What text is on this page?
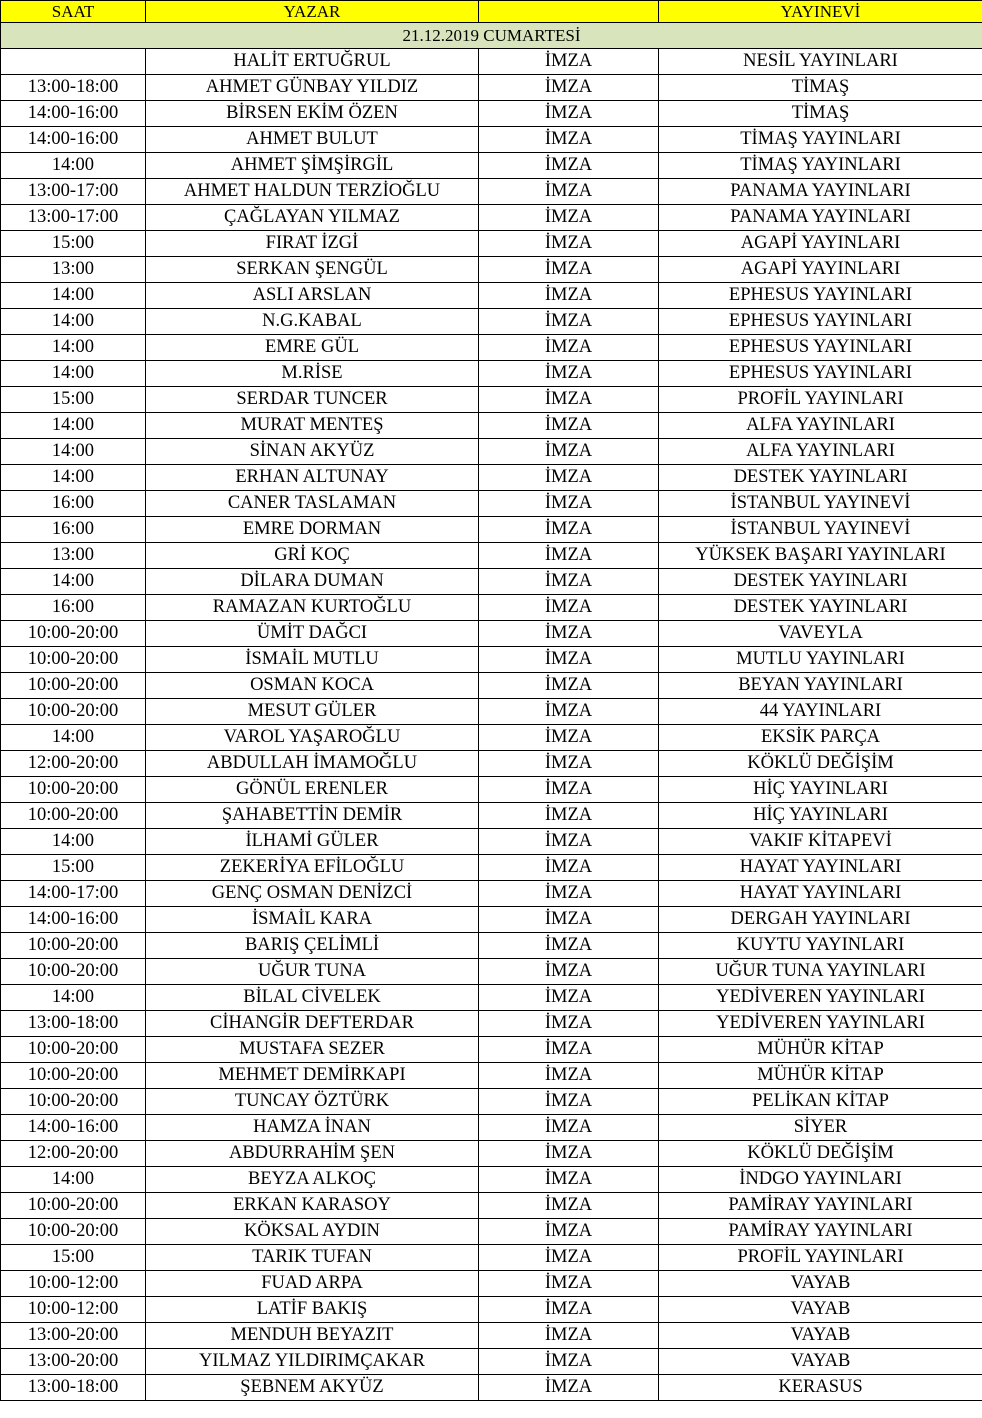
SAAT	YAZAR		YAYINEVİ
21.12.2019 CUMARTESİ			
	HALİT ERTUĞRUL	İMZA	NESİL YAYINLARI
13:00-18:00	AHMET GÜNBAY YILDIZ	İMZA	TİMAŞ
14:00-16:00	BİRSEN EKİM ÖZEN	İMZA	TİMAŞ
14:00-16:00	AHMET BULUT	İMZA	TİMAŞ YAYINLARI
14:00	AHMET ŞİMŞİRGİL	İMZA	TİMAŞ YAYINLARI
13:00-17:00	AHMET HALDUN TERZİOĞLU	İMZA	PANAMA YAYINLARI
13:00-17:00	ÇAĞLAYAN YILMAZ	İMZA	PANAMA YAYINLARI
15:00	FIRAT İZGİ	İMZA	AGAPİ YAYINLARI
13:00	SERKAN ŞENGÜL	İMZA	AGAPİ YAYINLARI
14:00	ASLI ARSLAN	İMZA	EPHESUS YAYINLARI
14:00	N.G.KABAL	İMZA	EPHESUS YAYINLARI
14:00	EMRE GÜL	İMZA	EPHESUS YAYINLARI
14:00	M.RİSE	İMZA	EPHESUS YAYINLARI
15:00	SERDAR TUNCER	İMZA	PROFİL YAYINLARI
14:00	MURAT MENTEŞ	İMZA	ALFA YAYINLARI
14:00	SİNAN AKYÜZ	İMZA	ALFA YAYINLARI
14:00	ERHAN ALTUNAY	İMZA	DESTEK YAYINLARI
16:00	CANER TASLAMAN	İMZA	İSTANBUL YAYINEVİ
16:00	EMRE DORMAN	İMZA	İSTANBUL YAYINEVİ
13:00	GRİ KOÇ	İMZA	YÜKSEK BAŞARI YAYINLARI
14:00	DİLARA DUMAN	İMZA	DESTEK YAYINLARI
16:00	RAMAZAN KURTOĞLU	İMZA	DESTEK YAYINLARI
10:00-20:00	ÜMİT DAĞCI	İMZA	VAVEYLA
10:00-20:00	İSMAİL MUTLU	İMZA	MUTLU YAYINLARI
10:00-20:00	OSMAN KOCA	İMZA	BEYAN YAYINLARI
10:00-20:00	MESUT GÜLER	İMZA	44 YAYINLARI
14:00	VAROL YAŞAROĞLU	İMZA	EKSİK PARÇA
12:00-20:00	ABDULLAH İMAMOĞLU	İMZA	KÖKLÜ DEĞİŞİM
10:00-20:00	GÖNÜL ERENLER	İMZA	HİÇ YAYINLARI
10:00-20:00	ŞAHABETTİN DEMİR	İMZA	HİÇ YAYINLARI
14:00	İLHAMİ GÜLER	İMZA	VAKIF KİTAPEVİ
15:00	ZEKERİYA EFİLOĞLU	İMZA	HAYAT YAYINLARI
14:00-17:00	GENÇ OSMAN DENİZCİ	İMZA	HAYAT YAYINLARI
14:00-16:00	İSMAİL KARA	İMZA	DERGAH YAYINLARI
10:00-20:00	BARIŞ ÇELİMLİ	İMZA	KUYTU YAYINLARI
10:00-20:00	UĞUR TUNA	İMZA	UĞUR TUNA YAYINLARI
14:00	BİLAL CİVELEK	İMZA	YEDİVEREN YAYINLARI
13:00-18:00	CİHANGİR DEFTERDAR	İMZA	YEDİVEREN YAYINLARI
10:00-20:00	MUSTAFA SEZER	İMZA	MÜHÜR KİTAP
10:00-20:00	MEHMET DEMİRKAPI	İMZA	MÜHÜR KİTAP
10:00-20:00	TUNCAY ÖZTÜRK	İMZA	PELİKAN KİTAP
14:00-16:00	HAMZA İNAN	İMZA	SİYER
12:00-20:00	ABDURRAHİM ŞEN	İMZA	KÖKLÜ DEĞİŞİM
14:00	BEYZA ALKOÇ	İMZA	İNDGO YAYINLARI
10:00-20:00	ERKAN KARASOY	İMZA	PAMİRAY YAYINLARI
10:00-20:00	KÖKSAL AYDIN	İMZA	PAMİRAY YAYINLARI
15:00	TARIK TUFAN	İMZA	PROFİL YAYINLARI
10:00-12:00	FUAD ARPA	İMZA	VAYAB
10:00-12:00	LATİF BAKIŞ	İMZA	VAYAB
13:00-20:00	MENDUH BEYAZIT	İMZA	VAYAB
13:00-20:00	YILMAZ YILDIRIMÇAKAR	İMZA	VAYAB
13:00-18:00	ŞEBNEM AKYÜZ	İMZA	KERASUS
